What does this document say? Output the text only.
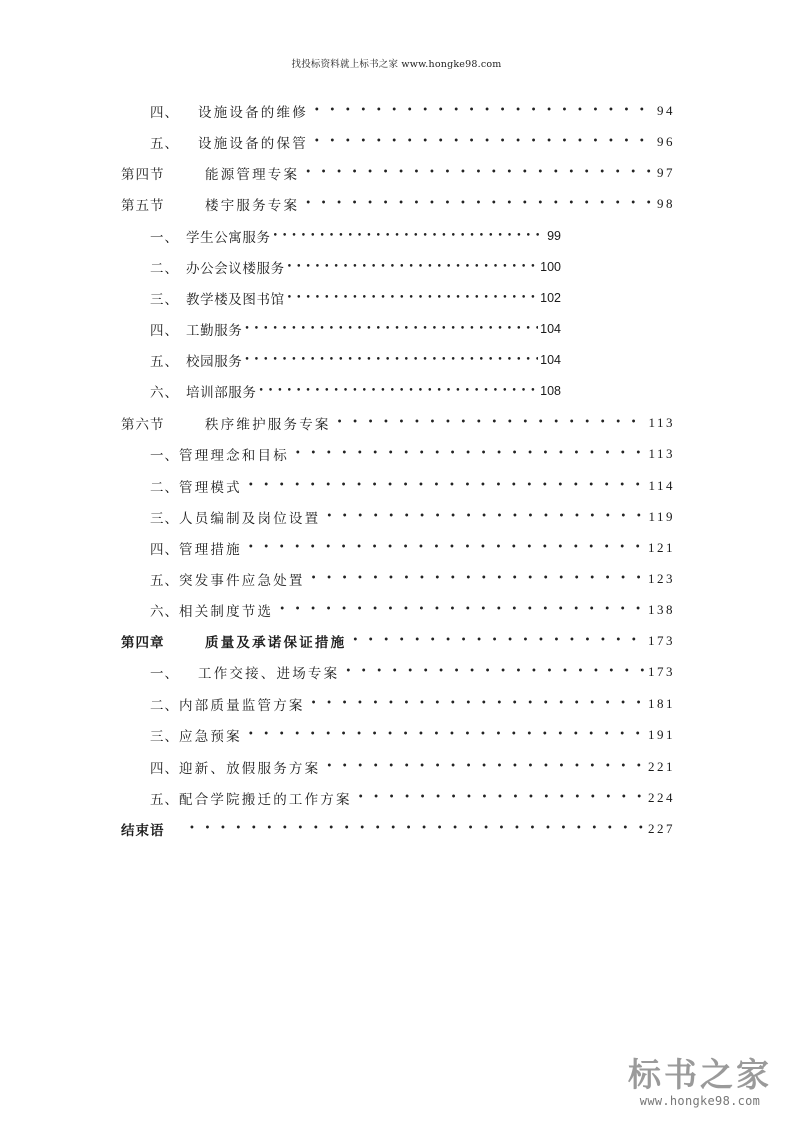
找投标资料就上标书之家 www.hongke98.com
四、	设施设备的维修 • • •	94
五、	设施设备的保管 • • •	96
第四节	能源管理专案 • • •	97
第五节	楼宇服务专案 • • •	98
一、 学生公寓服务 • • •	99
二、 办公会议楼服务 • • •	100
三、 教学楼及图书馆 • • •	102
四、 工勤服务 • • •	104
五、 校园服务 • • •	104
六、 培训部服务 • • •	108
第六节	秩序维护服务专案 • • •	113
一、 管理理念和目标 • • •	113
二、 管理模式 • • •	114
三、 人员编制及岗位设置 • • •	119
四、 管理措施 • • •	121
五、 突发事件应急处置 • • •	123
六、 相关制度节选 • • •	138
第四章	质量及承诺保证措施 • • •	173
一、	工作交接、进场专案 • • •	173
二、 内部质量监管方案 • • •	181
三、 应急预案 • • •	191
四、 迎新、放假服务方案 • • •	221
五、 配合学院搬迁的工作方案 • • •	224
结束语 • • •	227
标书之家
www.hongke98.com
